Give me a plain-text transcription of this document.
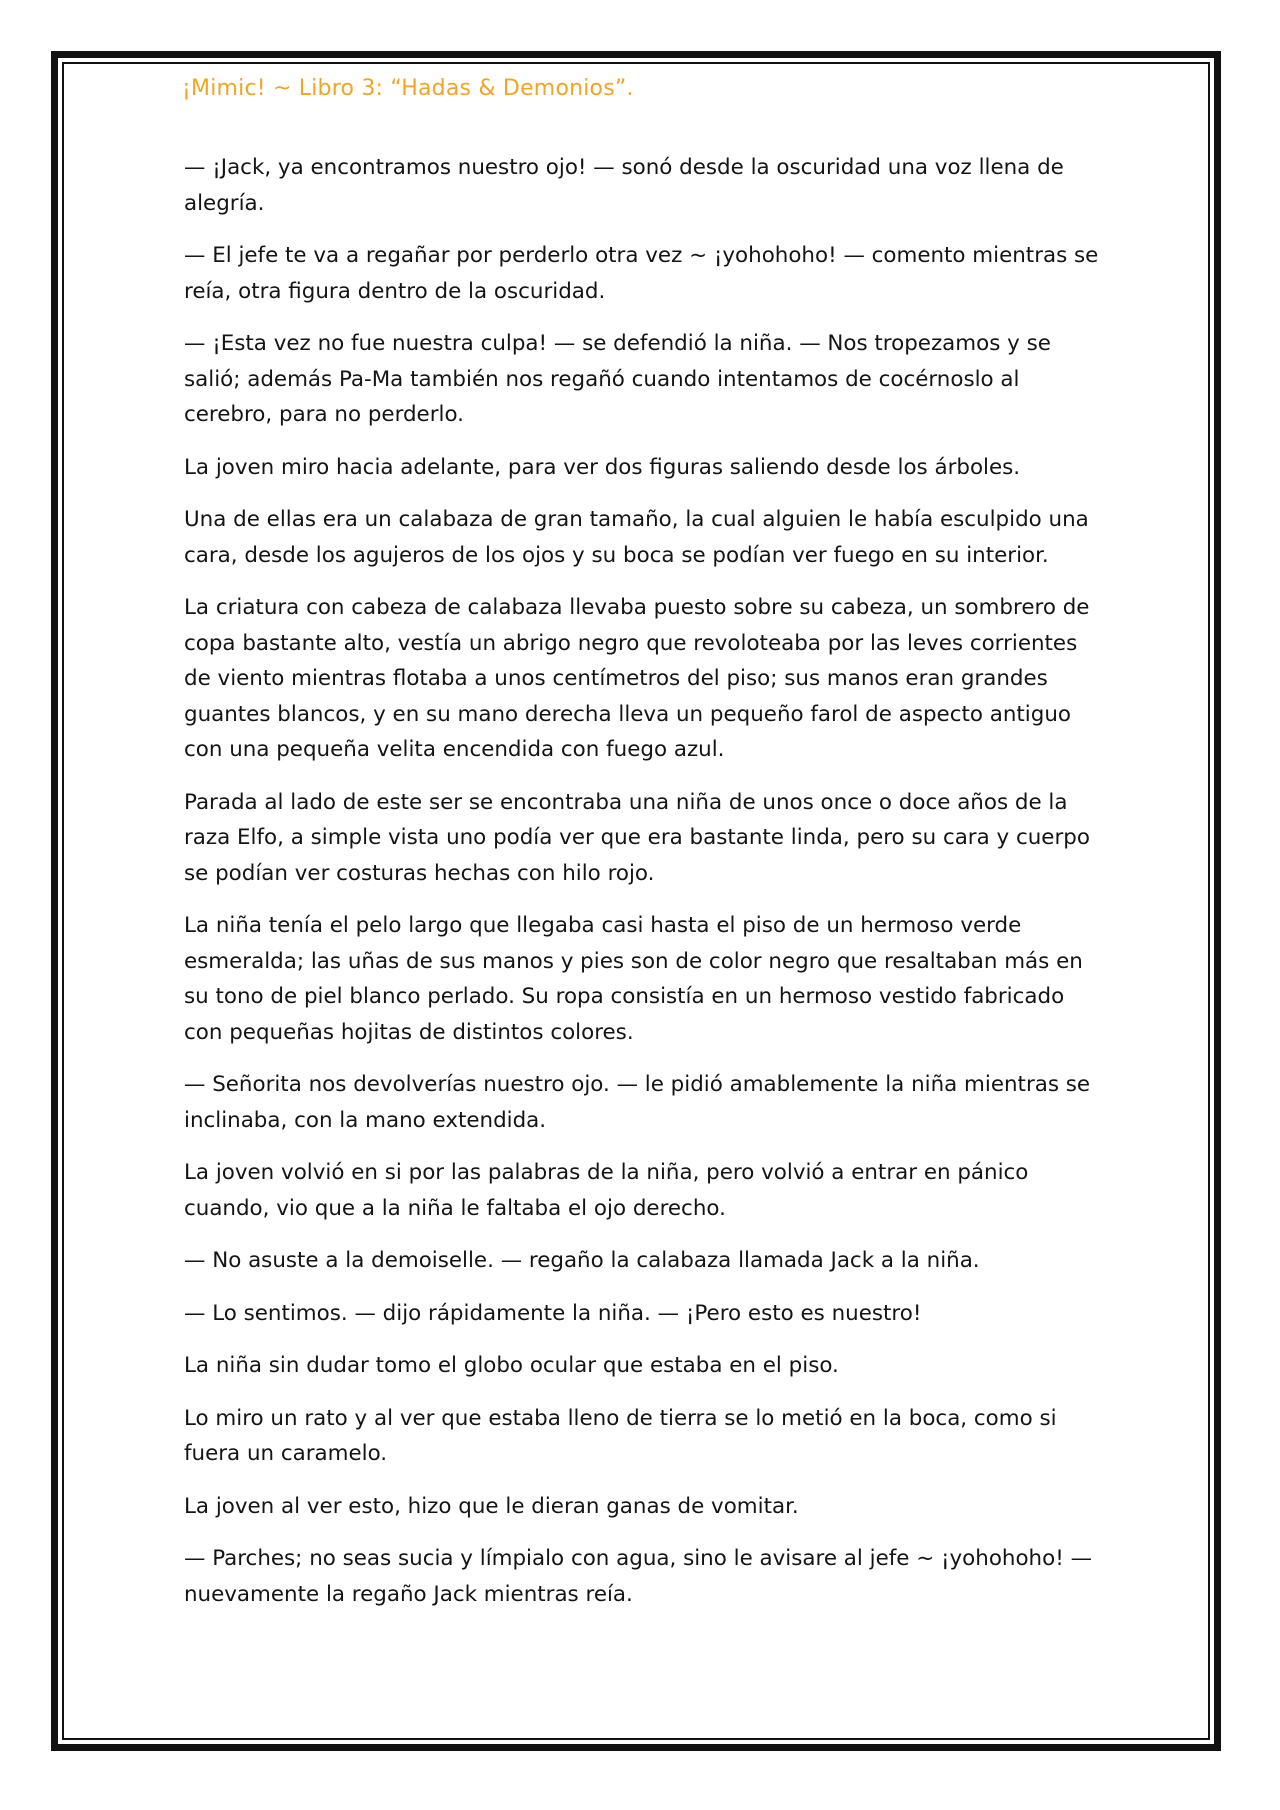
¡Mimic! ~ Libro 3: “Hadas & Demonios”.

— ¡Jack, ya encontramos nuestro ojo! — sonó desde la oscuridad una voz llena de alegría.

— El jefe te va a regañar por perderlo otra vez ~ ¡yohohoho! — comento mientras se reía, otra figura dentro de la oscuridad.

— ¡Esta vez no fue nuestra culpa! — se defendió la niña. — Nos tropezamos y se salió; además Pa-Ma también nos regañó cuando intentamos de cocérnoslo al cerebro, para no perderlo.

La joven miro hacia adelante, para ver dos figuras saliendo desde los árboles.

Una de ellas era un calabaza de gran tamaño, la cual alguien le había esculpido una cara, desde los agujeros de los ojos y su boca se podían ver fuego en su interior.

La criatura con cabeza de calabaza llevaba puesto sobre su cabeza, un sombrero de copa bastante alto, vestía un abrigo negro que revoloteaba por las leves corrientes de viento mientras flotaba a unos centímetros del piso; sus manos eran grandes guantes blancos, y en su mano derecha lleva un pequeño farol de aspecto antiguo con una pequeña velita encendida con fuego azul.

Parada al lado de este ser se encontraba una niña de unos once o doce años de la raza Elfo, a simple vista uno podía ver que era bastante linda, pero su cara y cuerpo se podían ver costuras hechas con hilo rojo.

La niña tenía el pelo largo que llegaba casi hasta el piso de un hermoso verde esmeralda; las uñas de sus manos y pies son de color negro que resaltaban más en su tono de piel blanco perlado. Su ropa consistía en un hermoso vestido fabricado con pequeñas hojitas de distintos colores.

— Señorita nos devolverías nuestro ojo. — le pidió amablemente la niña mientras se inclinaba, con la mano extendida.

La joven volvió en si por las palabras de la niña, pero volvió a entrar en pánico cuando, vio que a la niña le faltaba el ojo derecho.

— No asuste a la demoiselle. — regaño la calabaza llamada Jack a la niña.

— Lo sentimos. — dijo rápidamente la niña. — ¡Pero esto es nuestro!

La niña sin dudar tomo el globo ocular que estaba en el piso.

Lo miro un rato y al ver que estaba lleno de tierra se lo metió en la boca, como si fuera un caramelo.

La joven al ver esto, hizo que le dieran ganas de vomitar.

— Parches; no seas sucia y límpialo con agua, sino le avisare al jefe ~ ¡yohohoho! — nuevamente la regaño Jack mientras reía.
